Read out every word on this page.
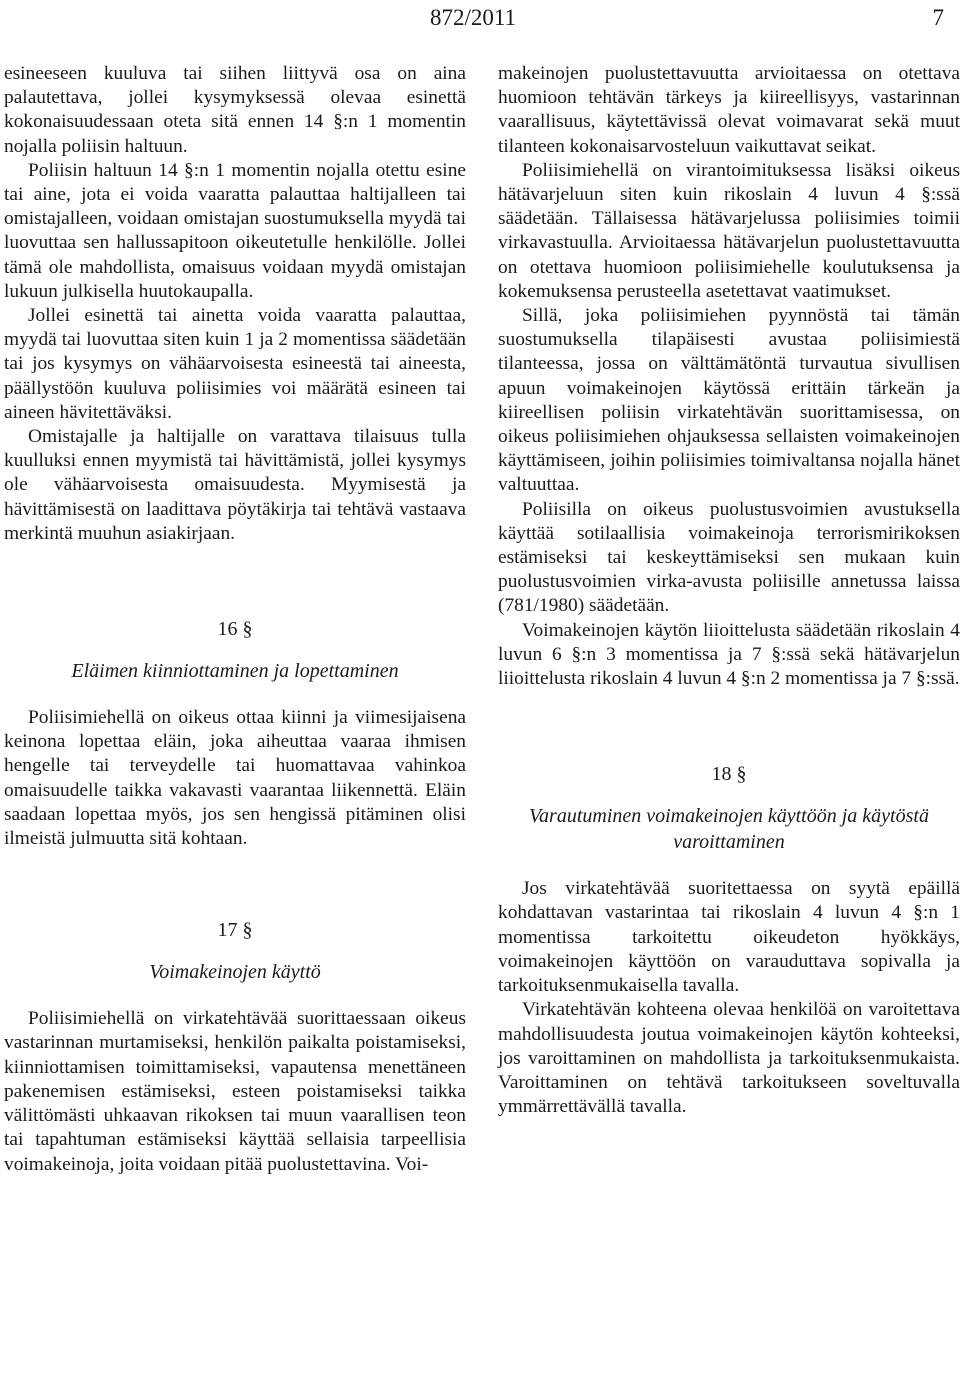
872/2011	7

esineeseen kuuluva tai siihen liittyvä osa on aina palautettava, jollei kysymyksessä olevaa esinettä kokonaisuudessaan oteta sitä ennen 14 §:n 1 momentin nojalla poliisin haltuun.

Poliisin haltuun 14 §:n 1 momentin nojalla otettu esine tai aine, jota ei voida vaaratta palauttaa haltijalleen tai omistajalleen, voidaan omistajan suostumuksella myydä tai luovuttaa sen hallussapitoon oikeutetulle henkilölle. Jollei tämä ole mahdollista, omaisuus voidaan myydä omistajan lukuun julkisella huutokaupalla.

Jollei esinettä tai ainetta voida vaaratta palauttaa, myydä tai luovuttaa siten kuin 1 ja 2 momentissa säädetään tai jos kysymys on vähäarvoisesta esineestä tai aineesta, päällystöön kuuluva poliisimies voi määrätä esineen tai aineen hävitettäväksi.

Omistajalle ja haltijalle on varattava tilaisuus tulla kuulluksi ennen myymistä tai hävittämistä, jollei kysymys ole vähäarvoisesta omaisuudesta. Myymisestä ja hävittämisestä on laadittava pöytäkirja tai tehtävä vastaava merkintä muuhun asiakirjaan.

16 §
Eläimen kiinniottaminen ja lopettaminen

Poliisimiehellä on oikeus ottaa kiinni ja viimesijaisena keinona lopettaa eläin, joka aiheuttaa vaaraa ihmisen hengelle tai terveydelle tai huomattavaa vahinkoa omaisuudelle taikka vakavasti vaarantaa liikennettä. Eläin saadaan lopettaa myös, jos sen hengissä pitäminen olisi ilmeistä julmuutta sitä kohtaan.

17 §
Voimakeinojen käyttö

Poliisimiehellä on virkatehtävää suorittaessaan oikeus vastarinnan murtamiseksi, henkilön paikalta poistamiseksi, kiinniottamisen toimittamiseksi, vapautensa menettäneen pakenemisen estämiseksi, esteen poistamiseksi taikka välittömästi uhkaavan rikoksen tai muun vaarallisen teon tai tapahtuman estämiseksi käyttää sellaisia tarpeellisia voimakeinoja, joita voidaan pitää puolustettavina. Voi-

makeinojen puolustettavuutta arvioitaessa on otettava huomioon tehtävän tärkeys ja kiireellisyys, vastarinnan vaarallisuus, käytettävissä olevat voimavarat sekä muut tilanteen kokonaisarvosteluun vaikuttavat seikat.

Poliisimiehellä on virantoimituksessa lisäksi oikeus hätävarjeluun siten kuin rikoslain 4 luvun 4 §:ssä säädetään. Tällaisessa hätävarjelussa poliisimies toimii virkavastuulla. Arvioitaessa hätävarjelun puolustettavuutta on otettava huomioon poliisimiehelle koulutuksensa ja kokemuksensa perusteella asetettavat vaatimukset.

Sillä, joka poliisimiehen pyynnöstä tai tämän suostumuksella tilapäisesti avustaa poliisimiestä tilanteessa, jossa on välttämätöntä turvautua sivullisen apuun voimakeinojen käytössä erittäin tärkeän ja kiireellisen poliisin virkatehtävän suorittamisessa, on oikeus poliisimiehen ohjauksessa sellaisten voimakeinojen käyttämiseen, joihin poliisimies toimivaltansa nojalla hänet valtuuttaa.

Poliisilla on oikeus puolustusvoimien avustuksella käyttää sotilaallisia voimakeinoja terrorismirikoksen estämiseksi tai keskeyttämiseksi sen mukaan kuin puolustusvoimien virka-avusta poliisille annetussa laissa (781/1980) säädetään.

Voimakeinojen käytön liioittelusta säädetään rikoslain 4 luvun 6 §:n 3 momentissa ja 7 §:ssä sekä hätävarjelun liioittelusta rikoslain 4 luvun 4 §:n 2 momentissa ja 7 §:ssä.

18 §
Varautuminen voimakeinojen käyttöön ja käytöstä varoittaminen

Jos virkatehtävää suoritettaessa on syytä epäillä kohdattavan vastarintaa tai rikoslain 4 luvun 4 §:n 1 momentissa tarkoitettu oikeudeton hyökkäys, voimakeinojen käyttöön on varauduttava sopivalla ja tarkoituksenmukaisella tavalla.

Virkatehtävän kohteena olevaa henkilöä on varoitettava mahdollisuudesta joutua voimakeinojen käytön kohteeksi, jos varoittaminen on mahdollista ja tarkoituksenmukaista. Varoittaminen on tehtävä tarkoitukseen soveltuvalla ymmärrettävällä tavalla.
